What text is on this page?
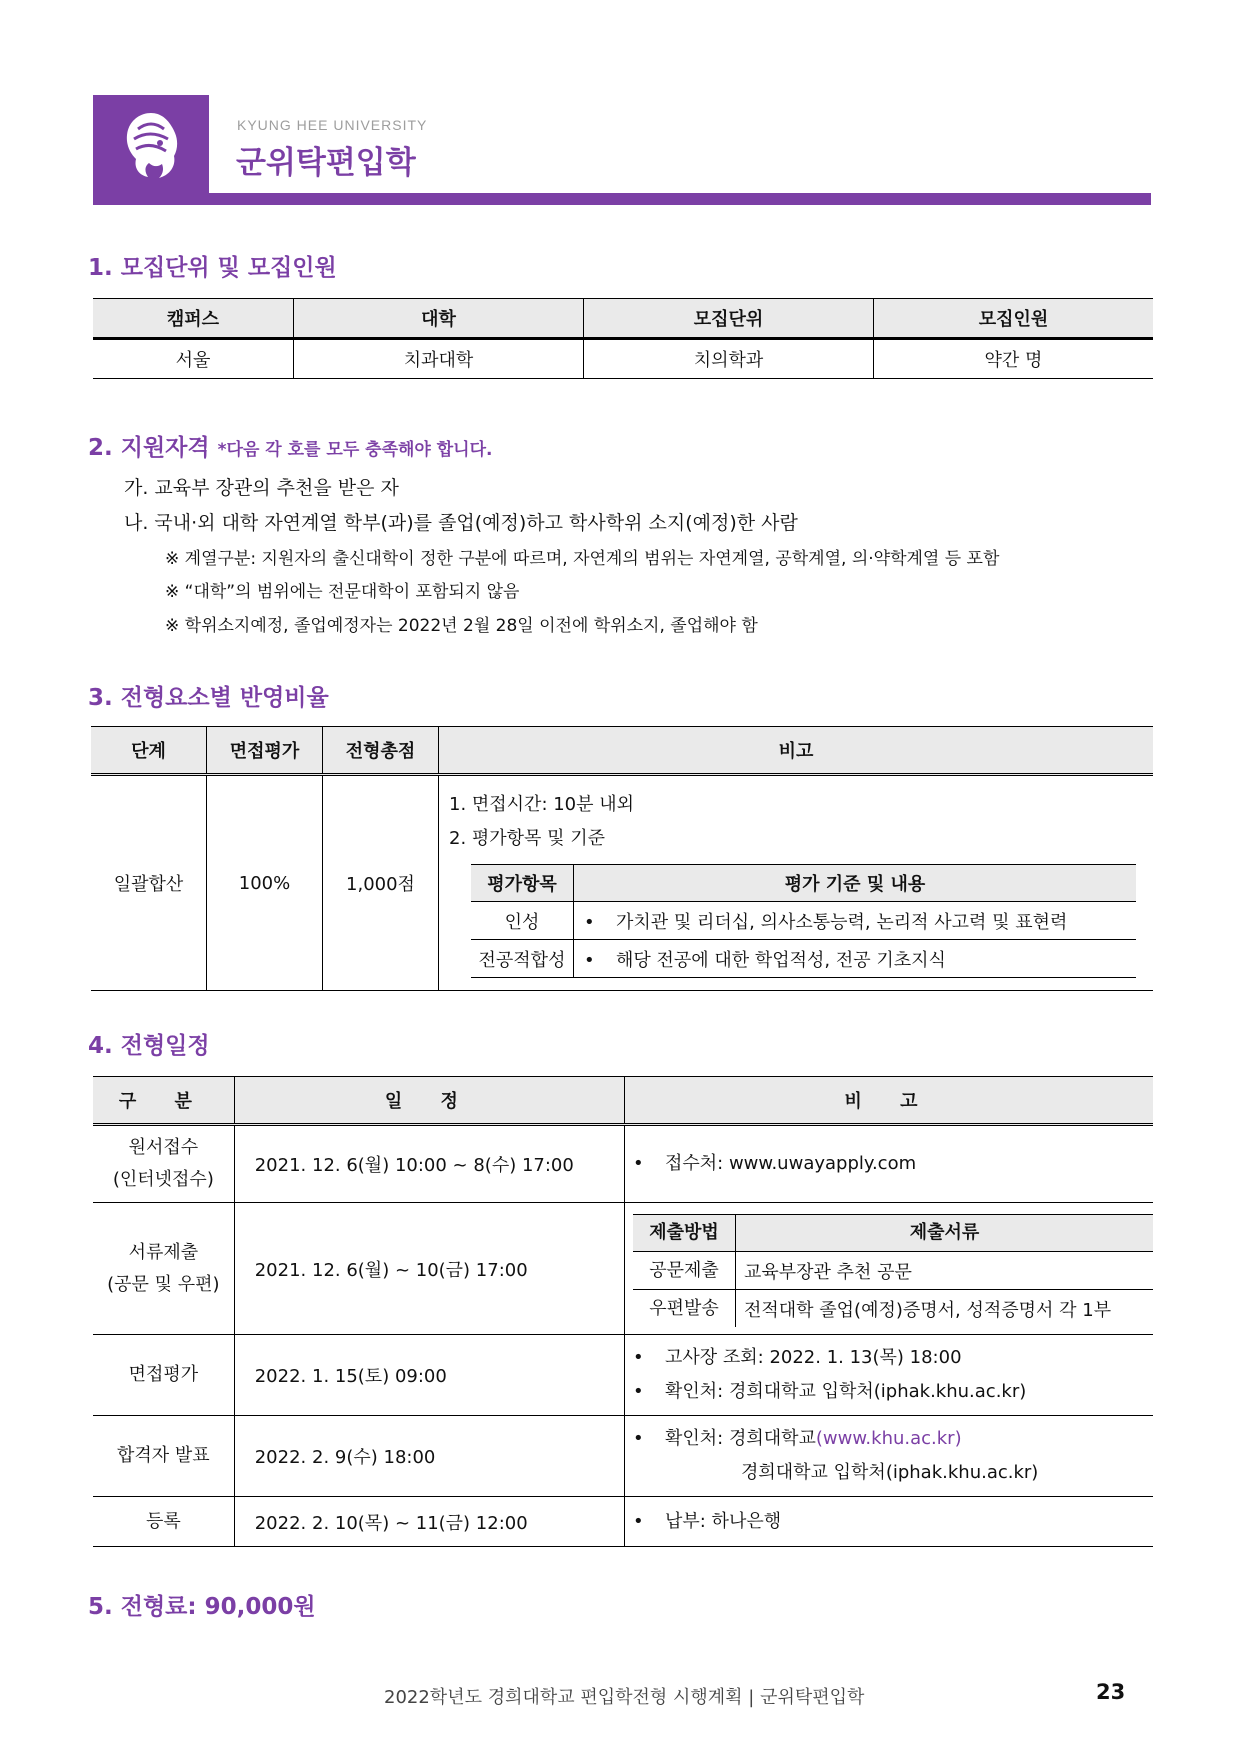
KYUNG HEE UNIVERSITY
군위탁편입학
1. 모집단위 및 모집인원
캠퍼스	대학	모집단위	모집인원
서울	치과대학	치의학과	약간 명
2. 지원자격 *다음 각 호를 모두 충족해야 합니다.
가. 교육부 장관의 추천을 받은 자
나. 국내·외 대학 자연계열 학부(과)를 졸업(예정)하고 학사학위 소지(예정)한 사람
※ 계열구분: 지원자의 출신대학이 정한 구분에 따르며, 자연계의 범위는 자연계열, 공학계열, 의·약학계열 등 포함
※ “대학”의 범위에는 전문대학이 포함되지 않음
※ 학위소지예정, 졸업예정자는 2022년 2월 28일 이전에 학위소지, 졸업해야 함
3. 전형요소별 반영비율
단계	면접평가	전형총점	비고
일괄합산	100%	1,000점	
1. 면접시간: 10분 내외
2. 평가항목 및 기준
평가항목	평가 기준 및 내용
인성	•가치관 및 리더십, 의사소통능력, 논리적 사고력 및 표현력
전공적합성	•해당 전공에 대한 학업적성, 전공 기초지식
4. 전형일정
구 분	일 정	비 고
원서접수
(인터넷접수)	2021. 12. 6(월) 10:00 ~ 8(수) 17:00	•접수처: www.uwayapply.com
서류제출
(공문 및 우편)	2021. 12. 6(월) ~ 10(금) 17:00	
제출방법	제출서류
공문제출	교육부장관 추천 공문
우편발송	전적대학 졸업(예정)증명서, 성적증명서 각 1부

면접평가	2022. 1. 15(토) 09:00	
• 고사장 조회: 2022. 1. 13(목) 18:00
• 확인처: 경희대학교 입학처(iphak.khu.ac.kr)

합격자 발표	2022. 2. 9(수) 18:00	
• 확인처: 경희대학교(www.khu.ac.kr)
경희대학교 입학처(iphak.khu.ac.kr)

등록	2022. 2. 10(목) ~ 11(금) 12:00	•납부: 하나은행
5. 전형료: 90,000원
2022학년도 경희대학교 편입학전형 시행계획 | 군위탁편입학	23
